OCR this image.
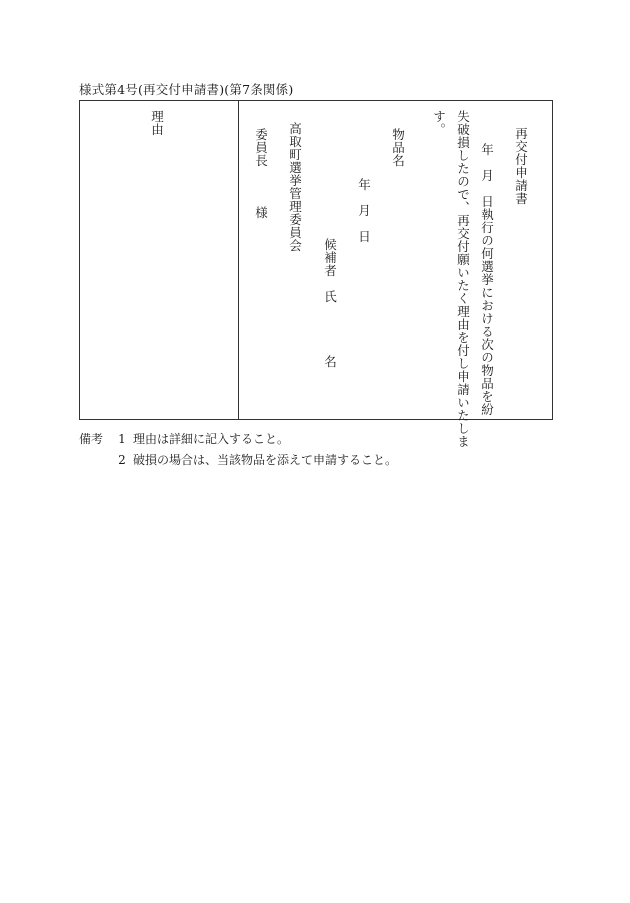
様式第4号(再交付申請書)(第7条関係)
理由
再交付申請書
年　月　日執行の何選挙における次の物品を紛
失破損したので、再交付願いたく理由を付し申請いたしま
す。
物品名
年　月　日
候補者　氏　　　　名
高取町選挙管理委員会
委員長　　　様
備考	1 理由は詳細に記入すること。
2 破損の場合は、当該物品を添えて申請すること。
